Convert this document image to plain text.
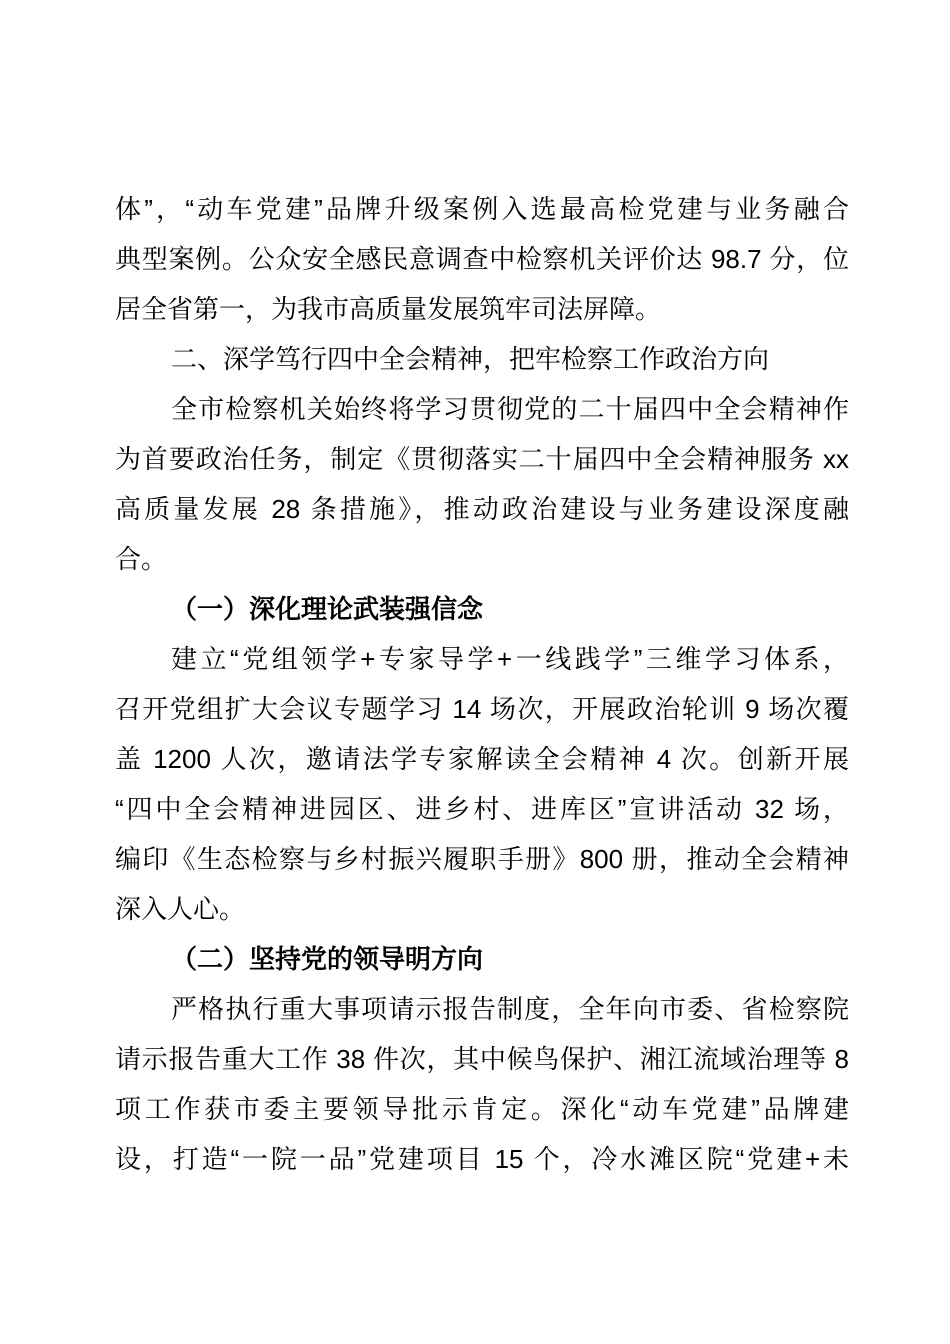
体”，“动车党建”品牌升级案例入选最高检党建与业务融合
典型案例。公众安全感民意调查中检察机关评价达 98.7 分，位
居全省第一，为我市高质量发展筑牢司法屏障。
二、深学笃行四中全会精神，把牢检察工作政治方向
全市检察机关始终将学习贯彻党的二十届四中全会精神作
为首要政治任务，制定《贯彻落实二十届四中全会精神服务 xx
高质量发展 28 条措施》，推动政治建设与业务建设深度融
合。
（一）深化理论武装强信念
建立“党组领学+专家导学+一线践学”三维学习体系，
召开党组扩大会议专题学习 14 场次，开展政治轮训 9 场次覆
盖 1200 人次，邀请法学专家解读全会精神 4 次。创新开展
“四中全会精神进园区、进乡村、进库区”宣讲活动 32 场，
编印《生态检察与乡村振兴履职手册》800 册，推动全会精神
深入人心。
（二）坚持党的领导明方向
严格执行重大事项请示报告制度，全年向市委、省检察院
请示报告重大工作 38 件次，其中候鸟保护、湘江流域治理等 8
项工作获市委主要领导批示肯定。深化“动车党建”品牌建
设，打造“一院一品”党建项目 15 个，冷水滩区院“党建+未
